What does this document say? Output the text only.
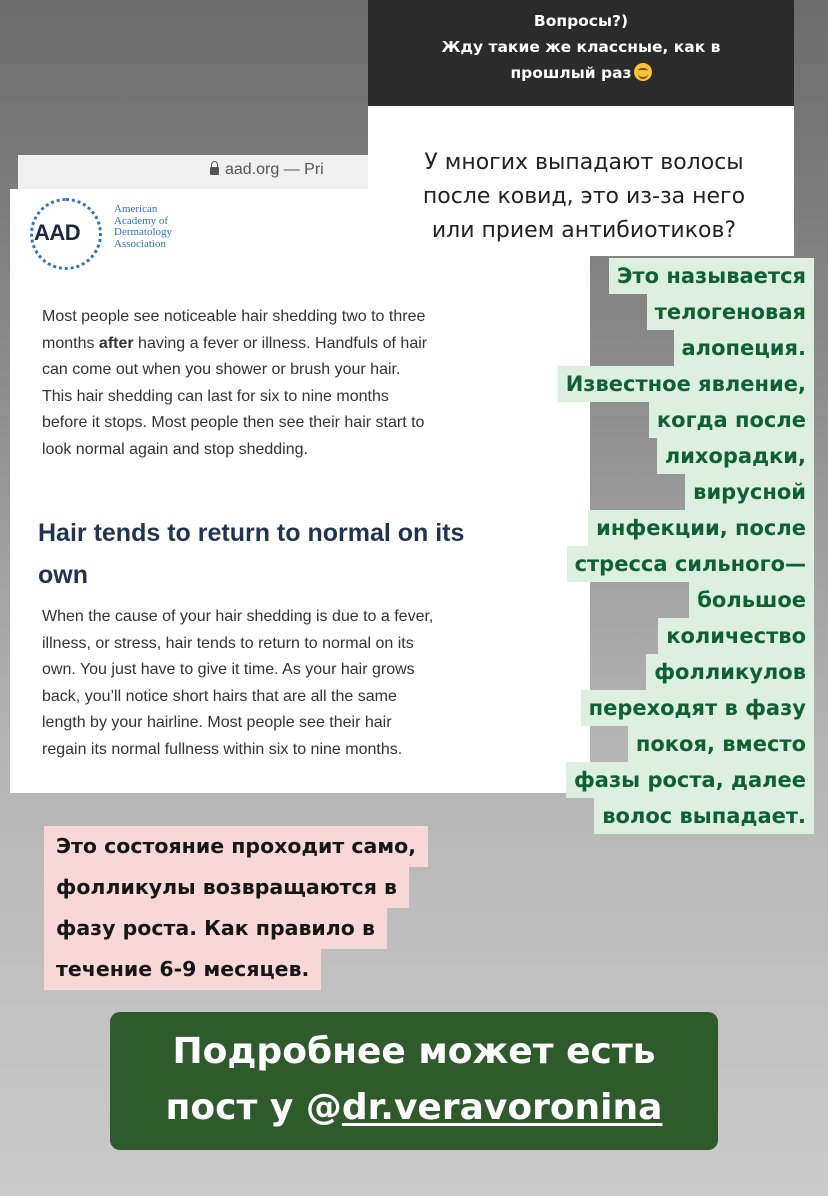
Вопросы?)
Жду такие же классные, как в
прошлый раз
aad.org — Pri	У многих выпадают волосы
после ковид, это из-за него
или прием антибиотиков?
AAD
American
Academy of
Dermatology
Association
Most people see noticeable hair shedding two to three
months after having a fever or illness. Handfuls of hair
can come out when you shower or brush your hair.
This hair shedding can last for six to nine months
before it stops. Most people then see their hair start to
look normal again and stop shedding.
Hair tends to return to normal on its
own
When the cause of your hair shedding is due to a fever,
illness, or stress, hair tends to return to normal on its
own. You just have to give it time. As your hair grows
back, you’ll notice short hairs that are all the same
length by your hairline. Most people see their hair
regain its normal fullness within six to nine months.
Это называется
телогеновая
алопеция.
Известное явление,
когда после
лихорадки,
вирусной
инфекции, после
стресса сильного—
большое
количество
фолликулов
переходят в фазу
покоя, вместо
фазы роста, далее
волос выпадает.
Это состояние проходит само,
фолликулы возвращаются в
фазу роста. Как правило в
течение 6-9 месяцев.
Подробнее может есть
пост у @dr.veravoronina
